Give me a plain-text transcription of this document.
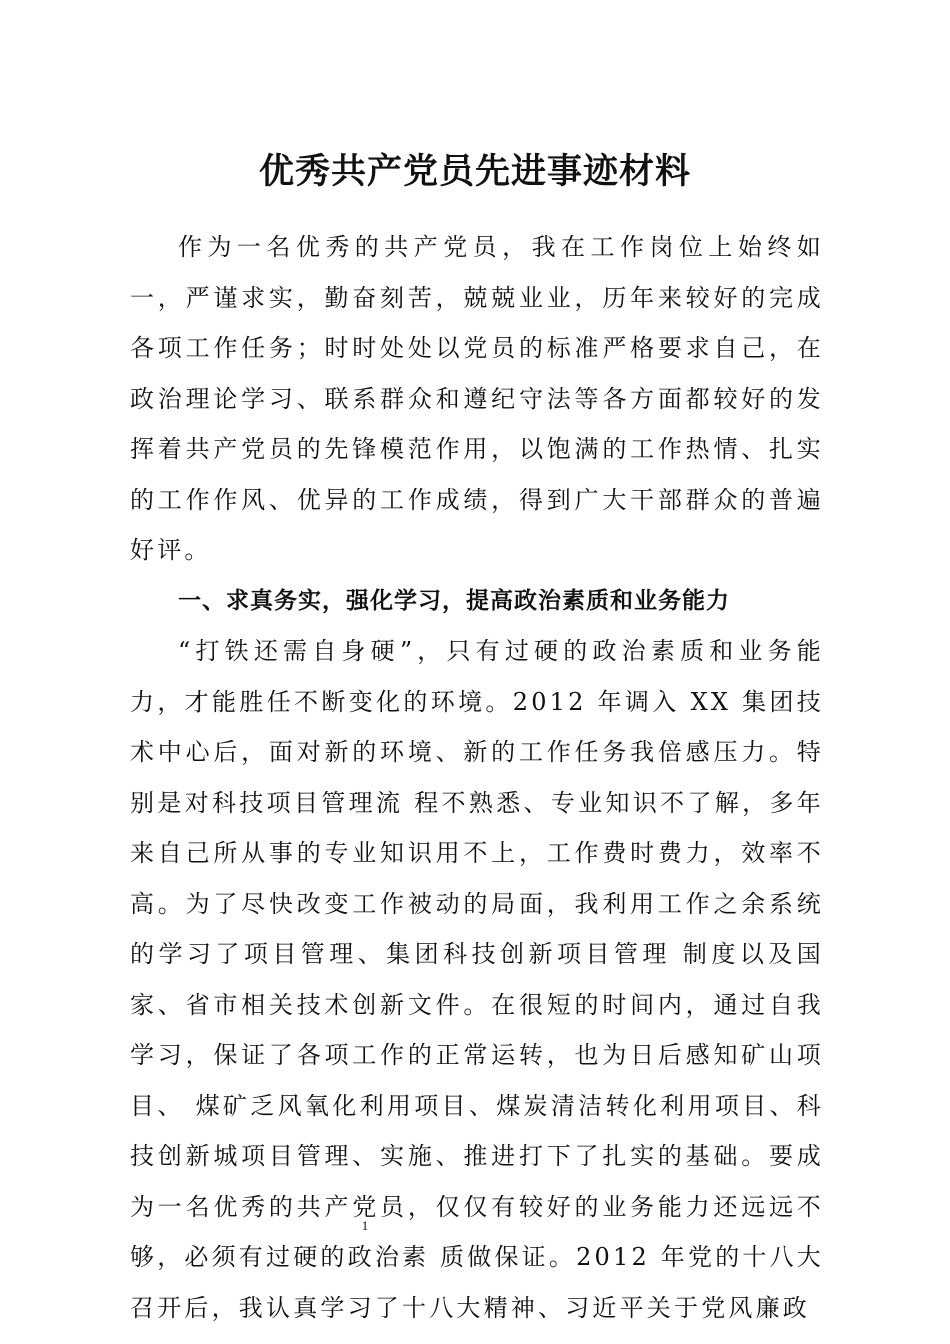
优秀共产党员先进事迹材料

作为一名优秀的共产党员，我在工作岗位上始终如一，严谨求实，勤奋刻苦，兢兢业业，历年来较好的完成各项工作任务；时时处处以党员的标准严格要求自己，在政治理论学习、联系群众和遵纪守法等各方面都较好的发挥着共产党员的先锋模范作用，以饱满的工作热情、扎实的工作作风、优异的工作成绩，得到广大干部群众的普遍好评。

一、求真务实，强化学习，提高政治素质和业务能力

“打铁还需自身硬”，只有过硬的政治素质和业务能力，才能胜任不断变化的环境。2012 年调入 XX 集团技术中心后，面对新的环境、新的工作任务我倍感压力。特别是对科技项目管理流 程不熟悉、专业知识不了解，多年来自己所从事的专业知识用不上，工作费时费力，效率不高。为了尽快改变工作被动的局面，我利用工作之余系统的学习了项目管理、集团科技创新项目管理 制度以及国家、省市相关技术创新文件。在很短的时间内，通过自我学习，保证了各项工作的正常运转，也为日后感知矿山项目、 煤矿乏风氧化利用项目、煤炭清洁转化利用项目、科技创新城项目管理、实施、推进打下了扎实的基础。要成为一名优秀的共产党员，仅仅有较好的业务能力还远远不够，必须有过硬的政治素 质做保证。2012 年党的十八大召开后，我认真学习了十八大精神、习近平关于党风廉政

1
